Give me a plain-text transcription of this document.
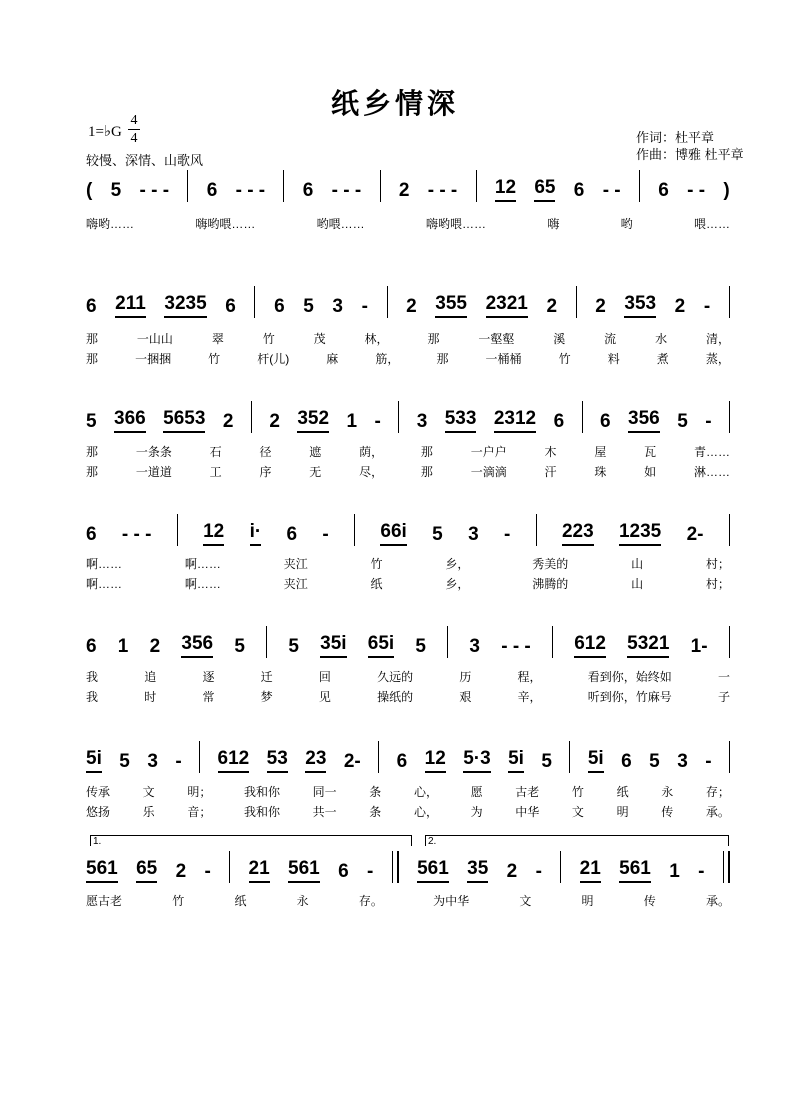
纸乡情深
1=♭G
4
4
较慢、深情、山歌风
作词：杜平章
作曲：博雅 杜平章
( 5 - - - 6 - - - 6 - - - 2 - - - 12 65 6 - - 6 - - )
嗨哟……	嗨哟喂……	哟喂……	嗨哟喂……	嗨	哟	喂……
6 211 3235 6 6 5 3 - 2 355 2321 2 2 353 2 -
那	一山山	翠	竹	茂	林，	那	一壑壑	溪	流	水	清，
那	一捆捆	竹	杆(儿)	麻	筋，	那	一桶桶	竹	料	煮	蒸，
5 366 5653 2 2 352 1 - 3 533 2312 6 6 356 5 -
那	一条条	石	径	遮	荫，	那	一户户	木	屋	瓦	青……
那	一道道	工	序	无	尽，	那	一滴滴	汗	珠	如	淋……
6 - - -	12 i· 6 -	66i 5 3 -	223 1235 2-
啊……	啊……	夹江	竹	乡，	秀美的	山	村；
啊……	啊……	夹江	纸	乡，	沸腾的	山	村；
6 1 2 356 5 5 35i 65i 5 3 - - - 612 5321 1-
我	追	逐	迁	回	久远的	历	程，	看到你，始终如	一
我	时	常	梦	见	操纸的	艰	辛，	听到你，竹麻号	子
5i 5 3 - 612 53 23 2- 6 12 5·3 5i 5 5i 6 5 3 -
传承	文	明；	我和你	同一	条	心，	愿	古老	竹	纸	永	存；
悠扬	乐	音；	我和你	共一	条	心，	为	中华	文	明	传	承。
561 65 2 - 21 561 6 - 561 35 2 - 21 561 1 -
1.	2.
愿古老	竹	纸	永	存。	为中华	文	明	传	承。
